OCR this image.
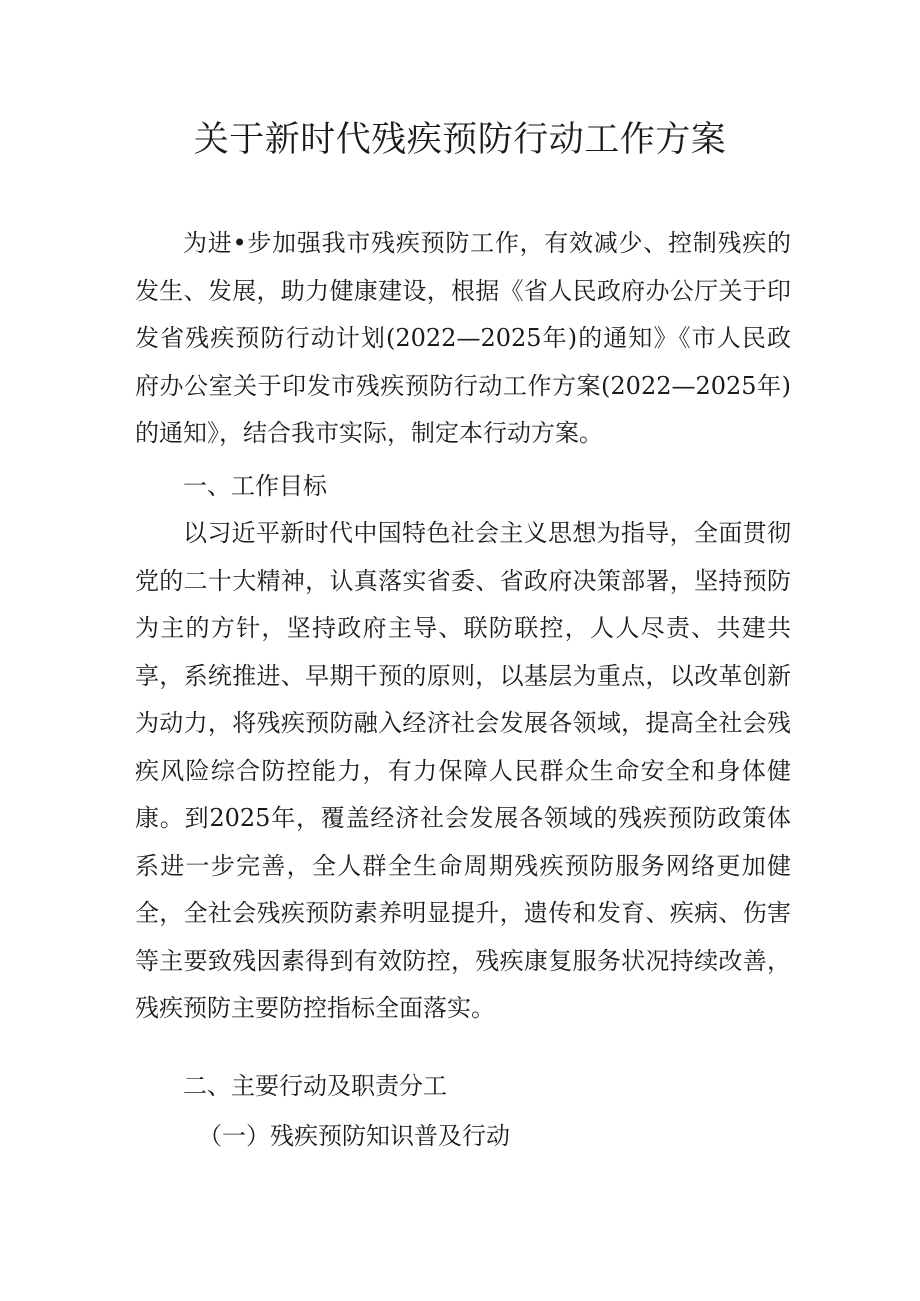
关于新时代残疾预防行动工作方案

为进•步加强我市残疾预防工作，有效减少、控制残疾的发生、发展，助力健康建设，根据《省人民政府办公厅关于印发省残疾预防行动计划(2022—2025年)的通知》《市人民政府办公室关于印发市残疾预防行动工作方案(2022—2025年)的通知》，结合我市实际，制定本行动方案。

一、工作目标

以习近平新时代中国特色社会主义思想为指导，全面贯彻党的二十大精神，认真落实省委、省政府决策部署，坚持预防为主的方针，坚持政府主导、联防联控，人人尽责、共建共享，系统推进、早期干预的原则，以基层为重点，以改革创新为动力，将残疾预防融入经济社会发展各领域，提高全社会残疾风险综合防控能力，有力保障人民群众生命安全和身体健康。到2025年，覆盖经济社会发展各领域的残疾预防政策体系进一步完善，全人群全生命周期残疾预防服务网络更加健全，全社会残疾预防素养明显提升，遗传和发育、疾病、伤害等主要致残因素得到有效防控，残疾康复服务状况持续改善，残疾预防主要防控指标全面落实。

二、主要行动及职责分工

（一）残疾预防知识普及行动
